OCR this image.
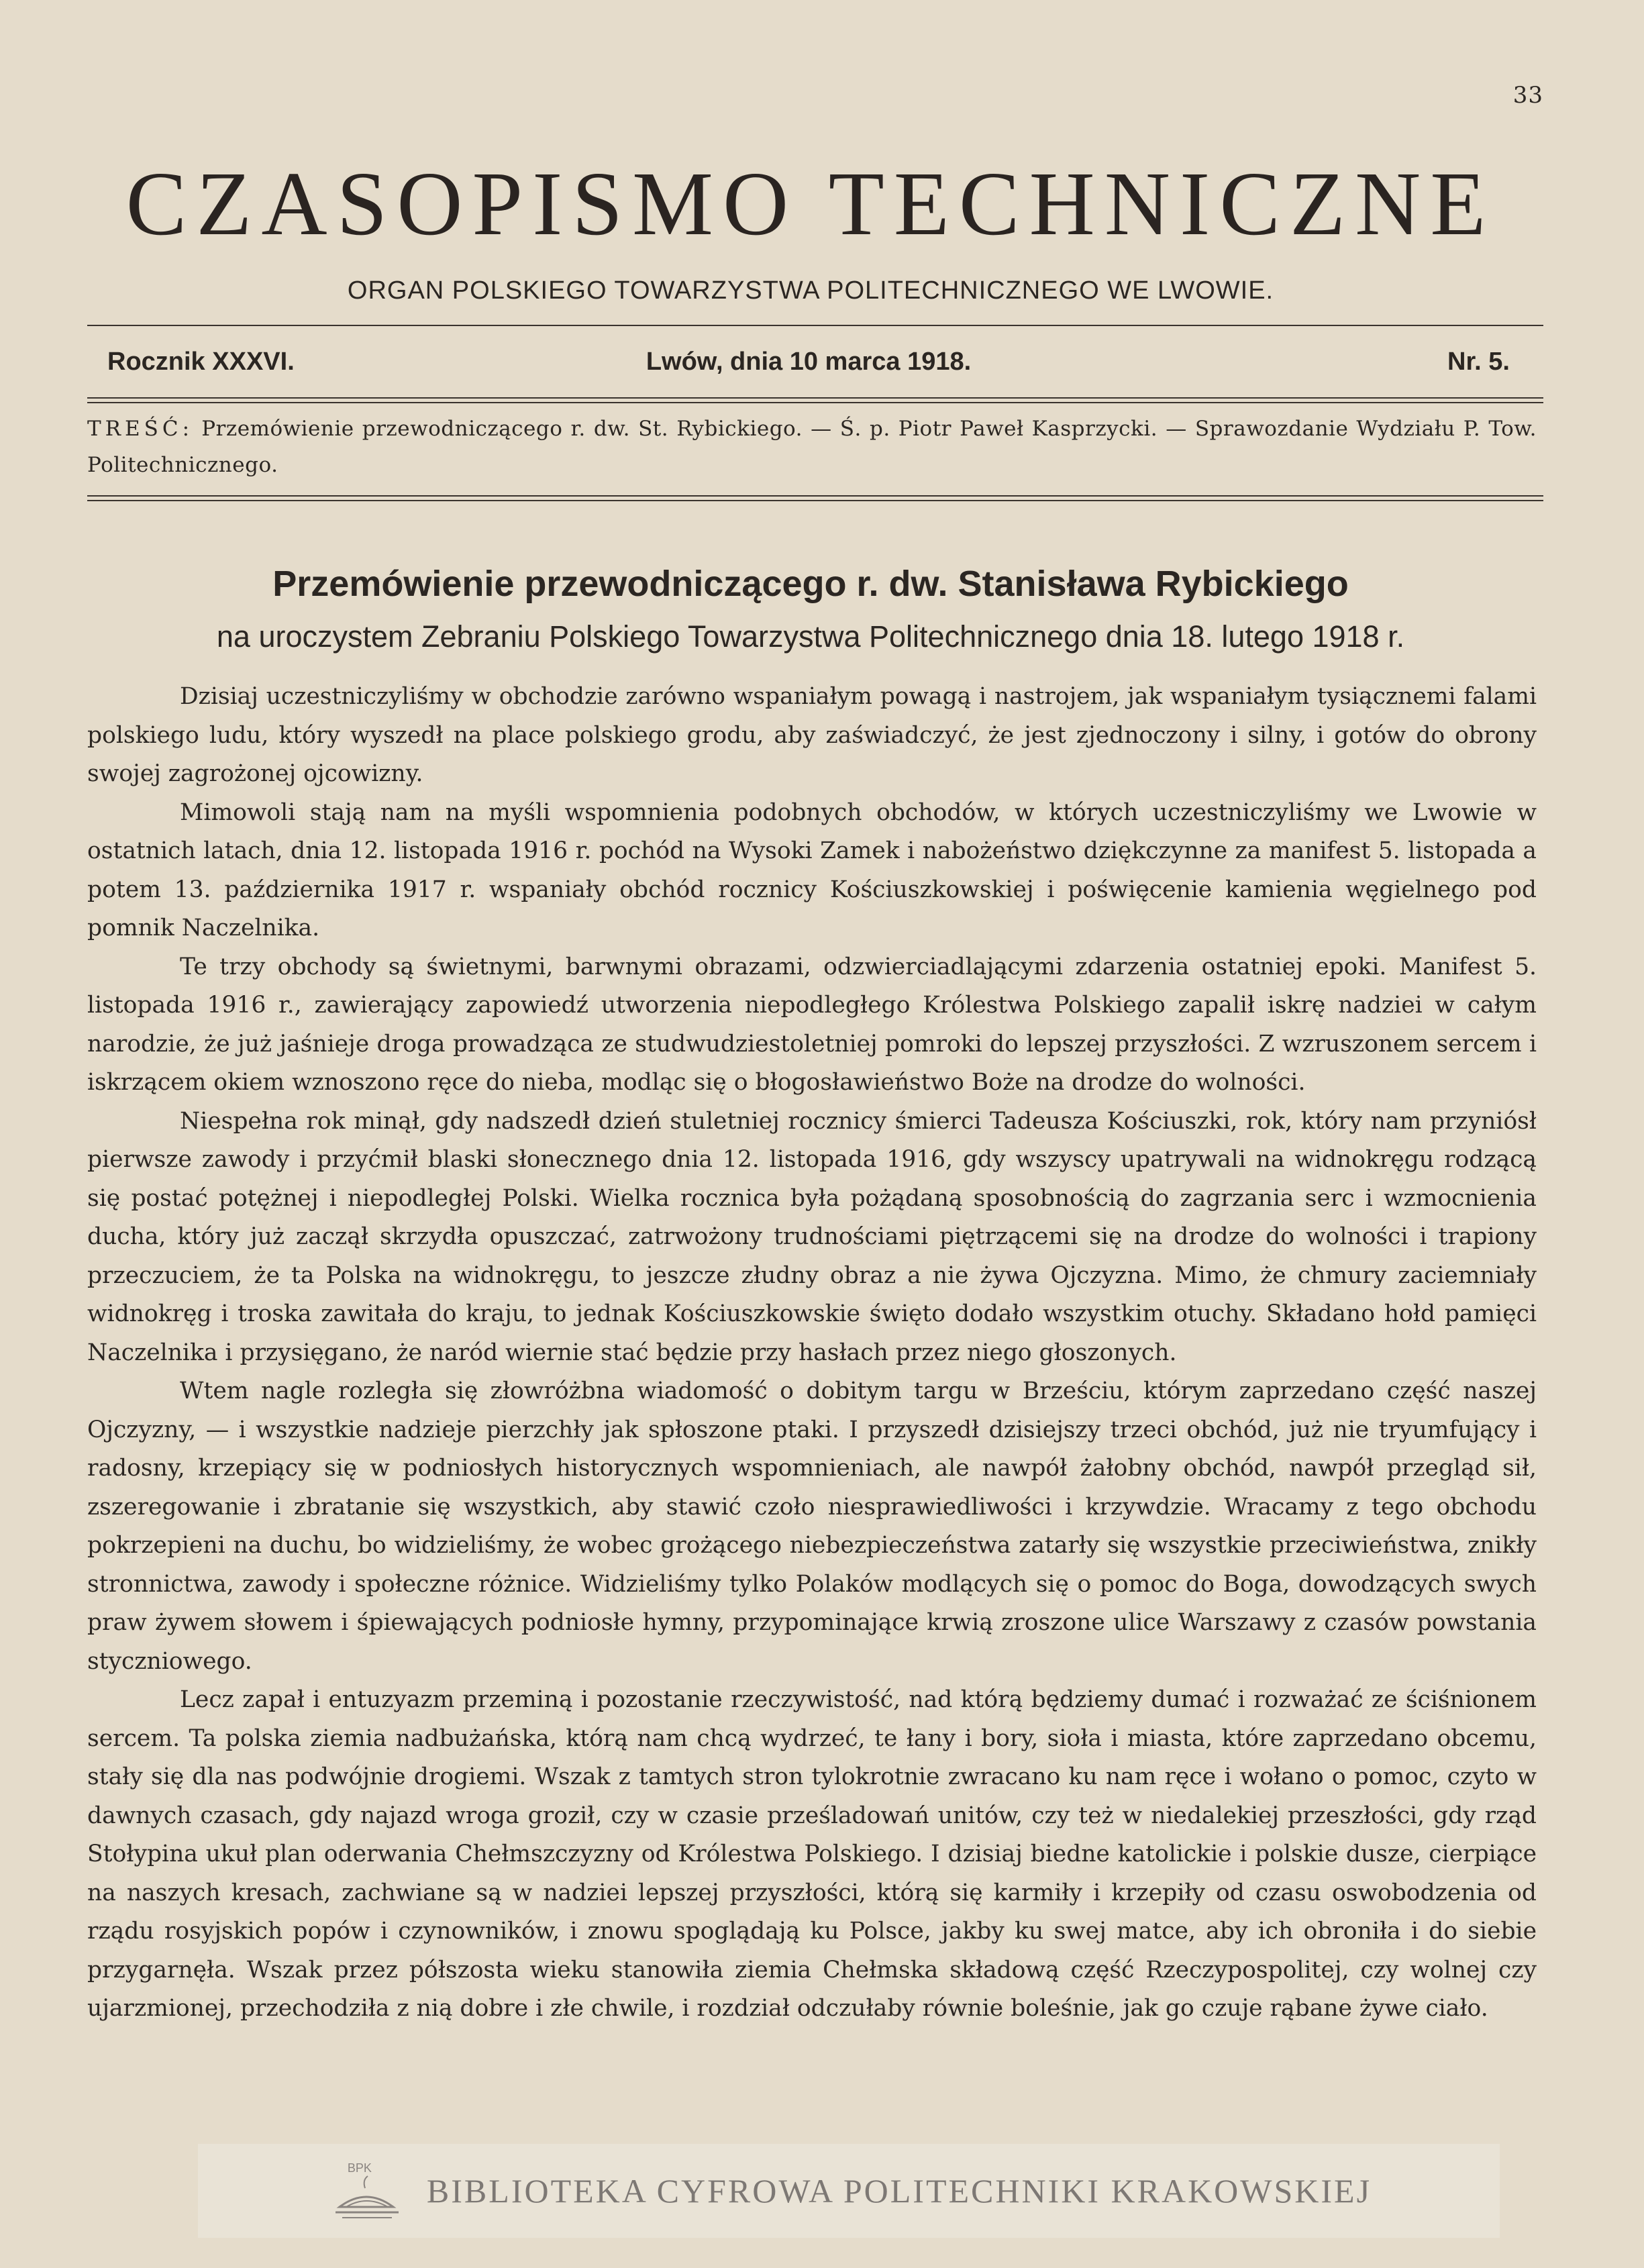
33
CZASOPISMO TECHNICZNE
ORGAN POLSKIEGO TOWARZYSTWA POLITECHNICZNEGO WE LWOWIE.
Rocznik XXXVI.	Lwów, dnia 10 marca 1918.	Nr. 5.
TREŚĆ: Przemówienie przewodniczącego r. dw. St. Rybickiego. — Ś. p. Piotr Paweł Kasprzycki. — Sprawozdanie Wydziału P. Tow. Politechnicznego.
Przemówienie przewodniczącego r. dw. Stanisława Rybickiego
na uroczystem Zebraniu Polskiego Towarzystwa Politechnicznego dnia 18. lutego 1918 r.

Dzisiaj uczestniczyliśmy w obchodzie zarówno wspaniałym powagą i nastrojem, jak wspaniałym tysiącznemi falami polskiego ludu, który wyszedł na place polskiego grodu, aby zaświadczyć, że jest zjednoczony i silny, i gotów do obrony swojej zagrożonej ojcowizny.

Mimowoli stają nam na myśli wspomnienia podobnych obchodów, w których uczestniczyliśmy we Lwowie w ostatnich latach, dnia 12. listopada 1916 r. pochód na Wysoki Zamek i nabożeństwo dziękczynne za manifest 5. listopada a potem 13. października 1917 r. wspaniały obchód rocznicy Kościuszkowskiej i poświęcenie kamienia węgielnego pod pomnik Naczelnika.

Te trzy obchody są świetnymi, barwnymi obrazami, odzwierciadlającymi zdarzenia ostatniej epoki. Manifest 5. listopada 1916 r., zawierający zapowiedź utworzenia niepodległego Królestwa Polskiego zapalił iskrę nadziei w całym narodzie, że już jaśnieje droga prowadząca ze studwudziestoletniej pomroki do lepszej przyszłości. Z wzruszonem sercem i iskrzącem okiem wznoszono ręce do nieba, modląc się o błogosławieństwo Boże na drodze do wolności.

Niespełna rok minął, gdy nadszedł dzień stuletniej rocznicy śmierci Tadeusza Kościuszki, rok, który nam przyniósł pierwsze zawody i przyćmił blaski słonecznego dnia 12. listopada 1916, gdy wszyscy upatrywali na widnokręgu rodzącą się postać potężnej i niepodległej Polski. Wielka rocznica była pożądaną sposobnością do zagrzania serc i wzmocnienia ducha, który już zaczął skrzydła opuszczać, zatrwożony trudnościami piętrzącemi się na drodze do wolności i trapiony przeczuciem, że ta Polska na widnokręgu, to jeszcze złudny obraz a nie żywa Ojczyzna. Mimo, że chmury zaciemniały widnokręg i troska zawitała do kraju, to jednak Kościuszkowskie święto dodało wszystkim otuchy. Składano hołd pamięci Naczelnika i przysięgano, że naród wiernie stać będzie przy hasłach przez niego głoszonych.

Wtem nagle rozległa się złowróżbna wiadomość o dobitym targu w Brześciu, którym zaprzedano część naszej Ojczyzny, — i wszystkie nadzieje pierzchły jak spłoszone ptaki. I przyszedł dzisiejszy trzeci obchód, już nie tryumfujący i radosny, krzepiący się w podniosłych historycznych wspomnieniach, ale nawpół żałobny obchód, nawpół przegląd sił, zszeregowanie i zbratanie się wszystkich, aby stawić czoło niesprawiedliwości i krzywdzie. Wracamy z tego obchodu pokrzepieni na duchu, bo widzieliśmy, że wobec grożącego niebezpieczeństwa zatarły się wszystkie przeciwieństwa, znikły stronnictwa, zawody i społeczne różnice. Widzieliśmy tylko Polaków modlących się o pomoc do Boga, dowodzących swych praw żywem słowem i śpiewających podniosłe hymny, przypominające krwią zroszone ulice Warszawy z czasów powstania styczniowego.

Lecz zapał i entuzyazm przeminą i pozostanie rzeczywistość, nad którą będziemy dumać i rozważać ze ściśnionem sercem. Ta polska ziemia nadbużańska, którą nam chcą wydrzeć, te łany i bory, sioła i miasta, które zaprzedano obcemu, stały się dla nas podwójnie drogiemi. Wszak z tamtych stron tylokrotnie zwracano ku nam ręce i wołano o pomoc, czyto w dawnych czasach, gdy najazd wroga groził, czy w czasie prześladowań unitów, czy też w niedalekiej przeszłości, gdy rząd Stołypina ukuł plan oderwania Chełmszczyzny od Królestwa Polskiego. I dzisiaj biedne katolickie i polskie dusze, cierpiące na naszych kresach, zachwiane są w nadziei lepszej przyszłości, którą się karmiły i krzepiły od czasu oswobodzenia od rządu rosyjskich popów i czynowników, i znowu spoglądają ku Polsce, jakby ku swej matce, aby ich obroniła i do siebie przygarnęła. Wszak przez półszosta wieku stanowiła ziemia Chełmska składową część Rzeczypospolitej, czy wolnej czy ujarzmionej, przechodziła z nią dobre i złe chwile, i rozdział odczułaby równie boleśnie, jak go czuje rąbane żywe ciało.

BPK
BIBLIOTEKA CYFROWA POLITECHNIKI KRAKOWSKIEJ
